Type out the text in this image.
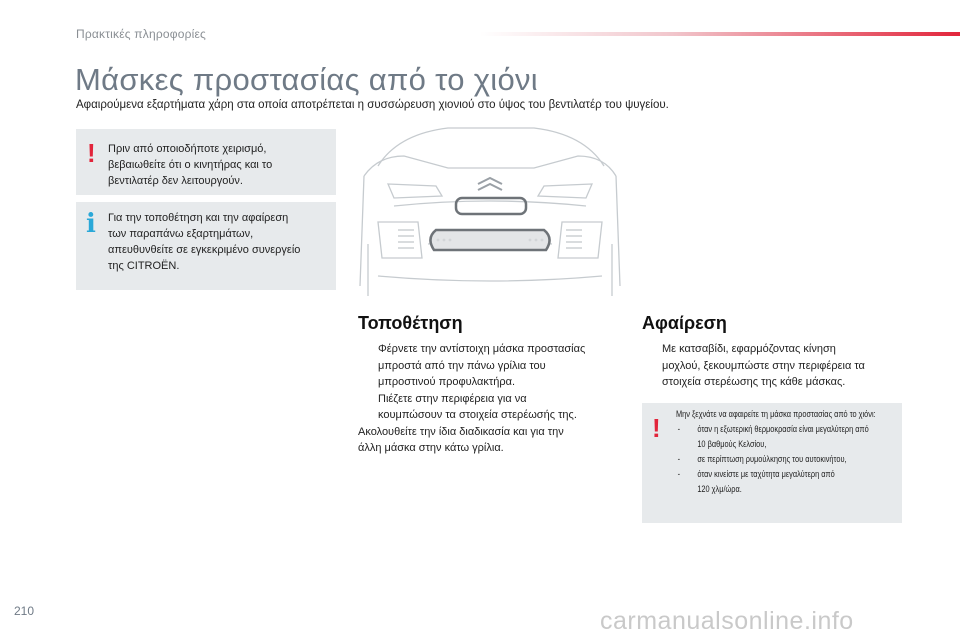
Πρακτικές πληροφορίες
Μάσκες προστασίας από το χιόνι
Αφαιρούμενα εξαρτήματα χάρη στα οποία αποτρέπεται η συσσώρευση χιονιού στο ύψος του βεντιλατέρ του ψυγείου.
! Πριν από οποιοδήποτε χειρισμό,
βεβαιωθείτε ότι ο κινητήρας και το
βεντιλατέρ δεν λειτουργούν.
i Για την τοποθέτηση και την αφαίρεση
των παραπάνω εξαρτημάτων,
απευθυνθείτε σε εγκεκριμένο συνεργείο
της CITROËN.
Τοποθέτηση
Φέρνετε την αντίστοιχη μάσκα προστασίας
μπροστά από την πάνω γρίλια του
μπροστινού προφυλακτήρα.
Πιέζετε στην περιφέρεια για να
κουμπώσουν τα στοιχεία στερέωσής της.
Ακολουθείτε την ίδια διαδικασία και για την
άλλη μάσκα στην κάτω γρίλια.
Αφαίρεση
Με κατσαβίδι, εφαρμόζοντας κίνηση
μοχλού, ξεκουμπώστε στην περιφέρεια τα
στοιχεία στερέωσης της κάθε μάσκας.
! Μην ξεχνάτε να αφαιρείτε τη μάσκα προστασίας από το χιόνι:
- όταν η εξωτερική θερμοκρασία είναι μεγαλύτερη από
10 βαθμούς Κελσίου,
- σε περίπτωση ρυμούλκησης του αυτοκινήτου,
- όταν κινείστε με ταχύτητα μεγαλύτερη από
120 χλμ/ώρα.
210	carmanualsonline.info
